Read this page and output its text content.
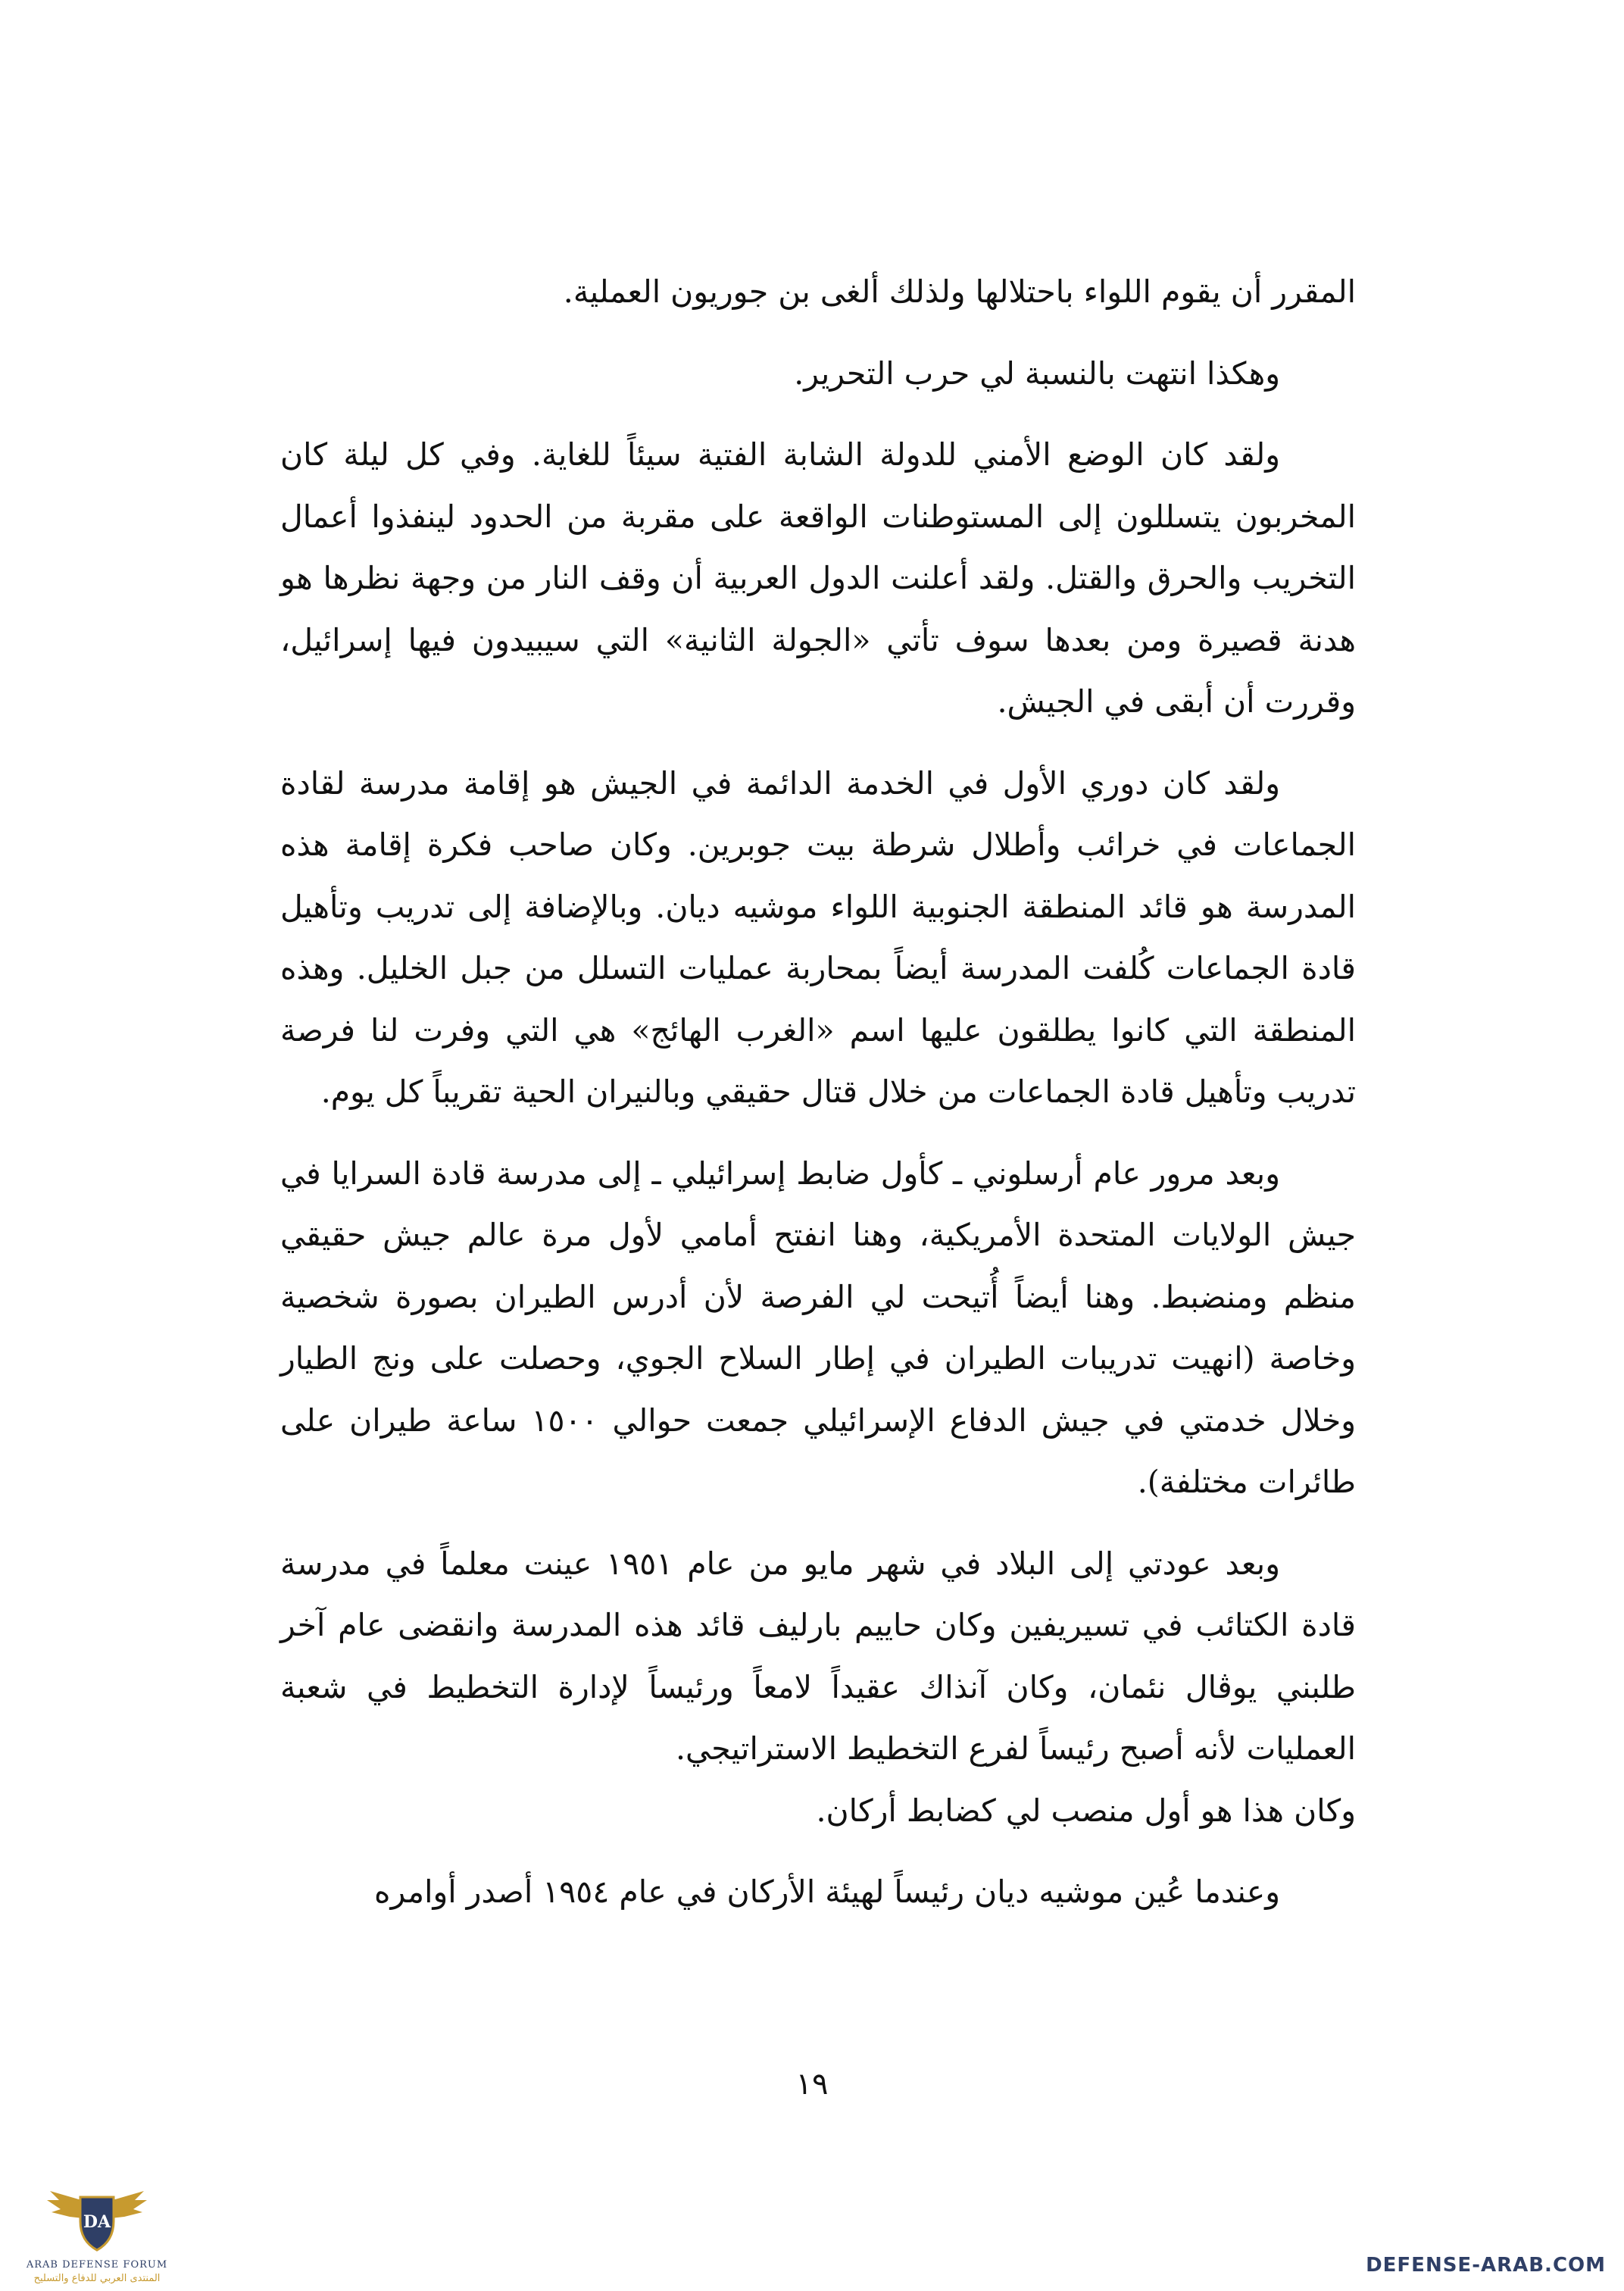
المقرر أن يقوم اللواء باحتلالها ولذلك ألغى بن جوريون العملية.

وهكذا انتهت بالنسبة لي حرب التحرير.

ولقد كان الوضع الأمني للدولة الشابة الفتية سيئاً للغاية. وفي كل ليلة كان المخربون يتسللون إلى المستوطنات الواقعة على مقربة من الحدود لينفذوا أعمال التخريب والحرق والقتل. ولقد أعلنت الدول العربية أن وقف النار من وجهة نظرها هو هدنة قصيرة ومن بعدها سوف تأتي «الجولة الثانية» التي سيبيدون فيها إسرائيل، وقررت أن أبقى في الجيش.

ولقد كان دوري الأول في الخدمة الدائمة في الجيش هو إقامة مدرسة لقادة الجماعات في خرائب وأطلال شرطة بيت جوبرين. وكان صاحب فكرة إقامة هذه المدرسة هو قائد المنطقة الجنوبية اللواء موشيه ديان. وبالإضافة إلى تدريب وتأهيل قادة الجماعات كُلفت المدرسة أيضاً بمحاربة عمليات التسلل من جبل الخليل. وهذه المنطقة التي كانوا يطلقون عليها اسم «الغرب الهائج» هي التي وفرت لنا فرصة تدريب وتأهيل قادة الجماعات من خلال قتال حقيقي وبالنيران الحية تقريباً كل يوم.

وبعد مرور عام أرسلوني ـ كأول ضابط إسرائيلي ـ إلى مدرسة قادة السرايا في جيش الولايات المتحدة الأمريكية، وهنا انفتح أمامي لأول مرة عالم جيش حقيقي منظم ومنضبط. وهنا أيضاً أُتيحت لي الفرصة لأن أدرس الطيران بصورة شخصية وخاصة (انهيت تدريبات الطيران في إطار السلاح الجوي، وحصلت على ونج الطيار وخلال خدمتي في جيش الدفاع الإسرائيلي جمعت حوالي ١٥٠٠ ساعة طيران على طائرات مختلفة).

وبعد عودتي إلى البلاد في شهر مايو من عام ١٩٥١ عينت معلماً في مدرسة قادة الكتائب في تسيريفين وكان حاييم بارليف قائد هذه المدرسة وانقضى عام آخر طلبني يوڤال نئمان، وكان آنذاك عقيداً لامعاً ورئيساً لإدارة التخطيط في شعبة العمليات لأنه أصبح رئيساً لفرع التخطيط الاستراتيجي.

وكان هذا هو أول منصب لي كضابط أركان.

وعندما عُين موشيه ديان رئيساً لهيئة الأركان في عام ١٩٥٤ أصدر أوامره

١٩
DA
ARAB DEFENSE FORUM
المنتدى العربي للدفاع والتسليح
DEFENSE-ARAB.COM
